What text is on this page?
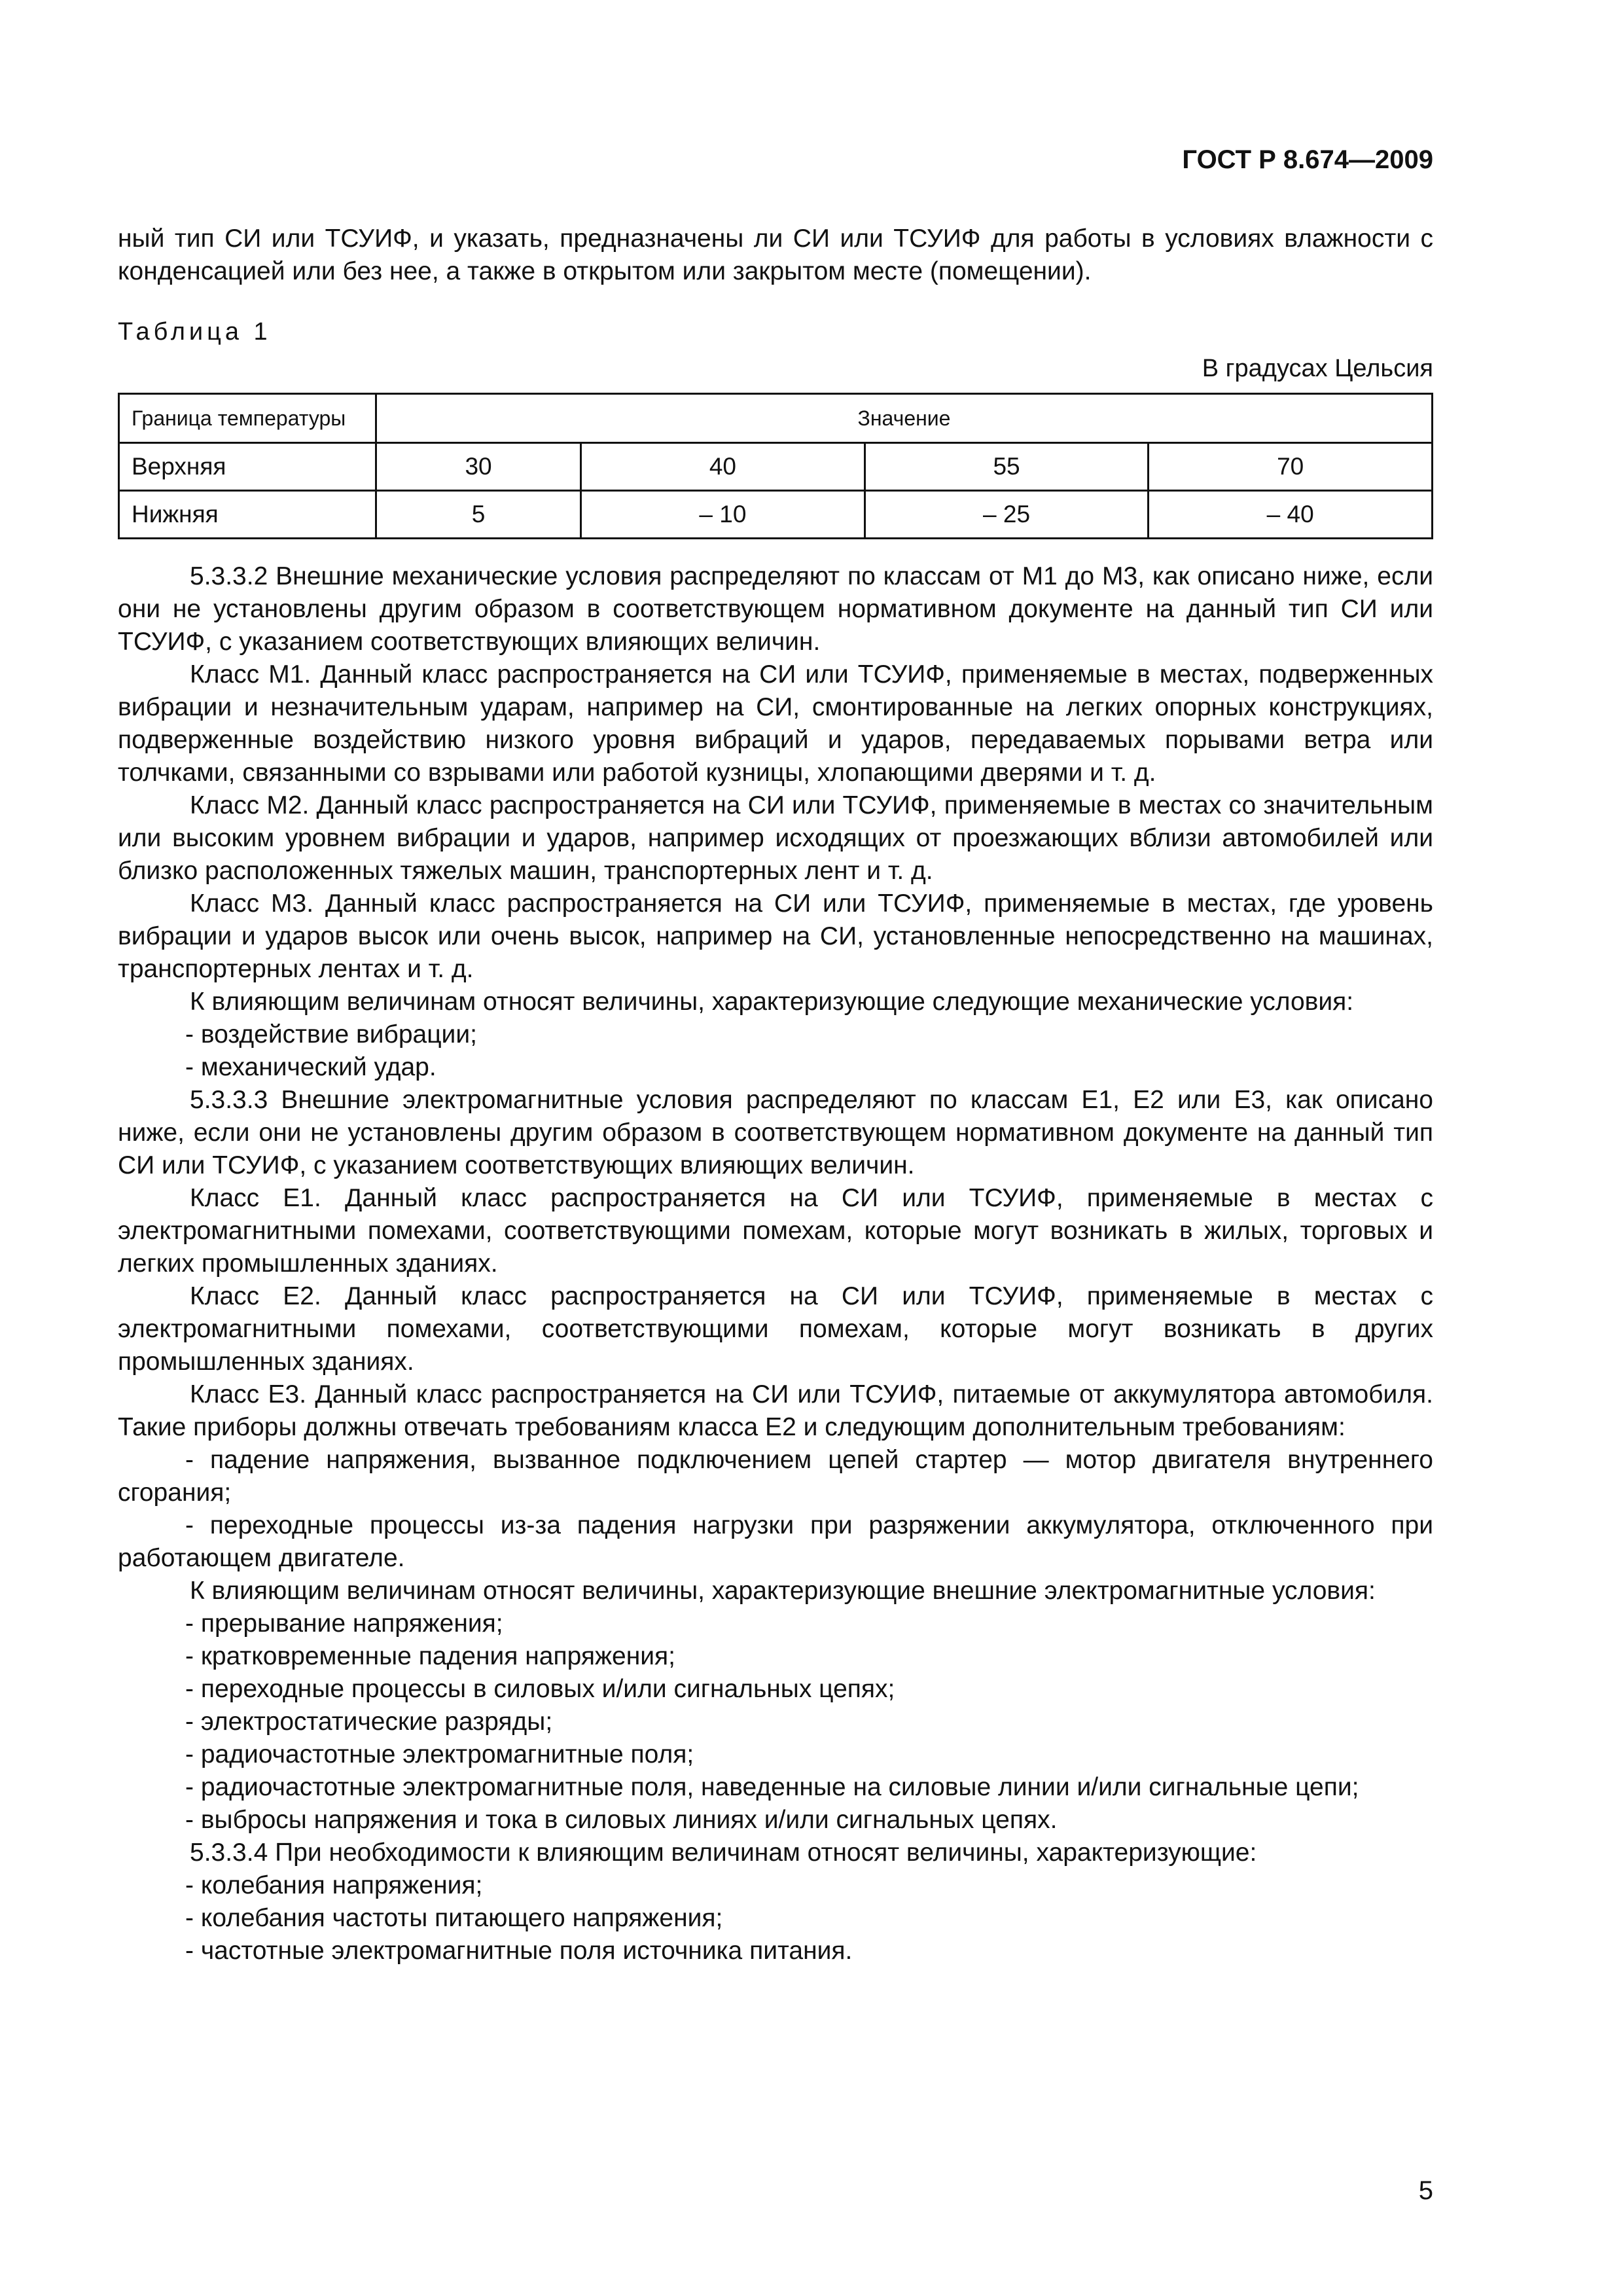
ГОСТ Р 8.674—2009

ный тип СИ или ТСУИФ, и указать, предназначены ли СИ или ТСУИФ для работы в условиях влажности с конденсацией или без нее, а также в открытом или закрытом месте (помещении).

Таблица 1
В градусах Цельсия
Граница температуры	Значение			
Верхняя	30	40	55	70
Нижняя	5	– 10	– 25	– 40

5.3.3.2 Внешние механические условия распределяют по классам от М1 до М3, как описано ниже, если они не установлены другим образом в соответствующем нормативном документе на данный тип СИ или ТСУИФ, с указанием соответствующих влияющих величин.

Класс М1. Данный класс распространяется на СИ или ТСУИФ, применяемые в местах, подверженных вибрации и незначительным ударам, например на СИ, смонтированные на легких опорных конструкциях, подверженные воздействию низкого уровня вибраций и ударов, передаваемых порывами ветра или толчками, связанными со взрывами или работой кузницы, хлопающими дверями и т. д.

Класс М2. Данный класс распространяется на СИ или ТСУИФ, применяемые в местах со значительным или высоким уровнем вибрации и ударов, например исходящих от проезжающих вблизи автомобилей или близко расположенных тяжелых машин, транспортерных лент и т. д.

Класс М3. Данный класс распространяется на СИ или ТСУИФ, применяемые в местах, где уровень вибрации и ударов высок или очень высок, например на СИ, установленные непосредственно на машинах, транспортерных лентах и т. д.

К влияющим величинам относят величины, характеризующие следующие механические условия:

- воздействие вибрации;

- механический удар.

5.3.3.3 Внешние электромагнитные условия распределяют по классам Е1, Е2 или Е3, как описано ниже, если они не установлены другим образом в соответствующем нормативном документе на данный тип СИ или ТСУИФ, с указанием соответствующих влияющих величин.

Класс Е1. Данный класс распространяется на СИ или ТСУИФ, применяемые в местах с электромагнитными помехами, соответствующими помехам, которые могут возникать в жилых, торговых и легких промышленных зданиях.

Класс Е2. Данный класс распространяется на СИ или ТСУИФ, применяемые в местах с электромагнитными помехами, соответствующими помехам, которые могут возникать в других промышленных зданиях.

Класс Е3. Данный класс распространяется на СИ или ТСУИФ, питаемые от аккумулятора автомобиля. Такие приборы должны отвечать требованиям класса Е2 и следующим дополнительным требованиям:

- падение напряжения, вызванное подключением цепей стартер — мотор двигателя внутреннего сгорания;

- переходные процессы из-за падения нагрузки при разряжении аккумулятора, отключенного при работающем двигателе.

К влияющим величинам относят величины, характеризующие внешние электромагнитные условия:

- прерывание напряжения;

- кратковременные падения напряжения;

- переходные процессы в силовых и/или сигнальных цепях;

- электростатические разряды;

- радиочастотные электромагнитные поля;

- радиочастотные электромагнитные поля, наведенные на силовые линии и/или сигнальные цепи;

- выбросы напряжения и тока в силовых линиях и/или сигнальных цепях.

5.3.3.4 При необходимости к влияющим величинам относят величины, характеризующие:

- колебания напряжения;

- колебания частоты питающего напряжения;

- частотные электромагнитные поля источника питания.

5
